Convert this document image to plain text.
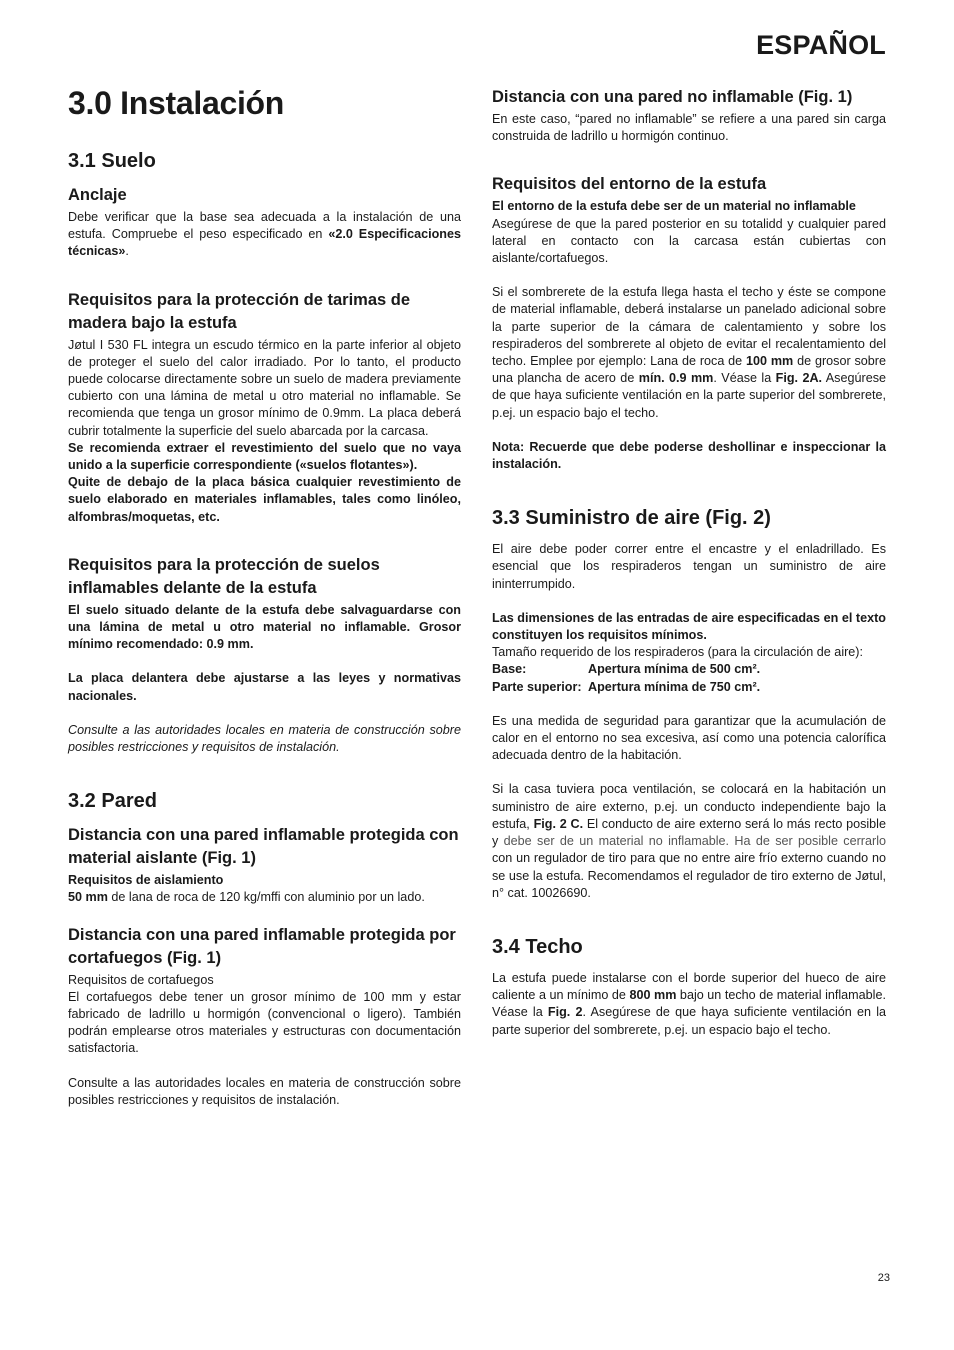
ESPAÑOL
3.0 Instalación
3.1 Suelo
Anclaje

Debe verificar que la base sea adecuada a la instalación de una estufa. Compruebe el peso especificado en «2.0 Especificaciones técnicas».

Requisitos para la protección de tarimas de madera bajo la estufa

Jøtul I 530 FL integra un escudo térmico en la parte inferior al objeto de proteger el suelo del calor irradiado. Por lo tanto, el producto puede colocarse directamente sobre un suelo de madera previamente cubierto con una lámina de metal u otro material no inflamable. Se recomienda que tenga un grosor mínimo de 0.9mm. La placa deberá cubrir totalmente la superficie del suelo abarcada por la carcasa.

Se recomienda extraer el revestimiento del suelo que no vaya unido a la superficie correspondiente («suelos flotantes»).

Quite de debajo de la placa básica cualquier revestimiento de suelo elaborado en materiales inflamables, tales como linóleo, alfombras/moquetas, etc.

Requisitos para la protección de suelos inflamables delante de la estufa

El suelo situado delante de la estufa debe salvaguardarse con una lámina de metal u otro material no inflamable. Grosor mínimo recomendado: 0.9 mm.

La placa delantera debe ajustarse a las leyes y normativas nacionales.

Consulte a las autoridades locales en materia de construcción sobre posibles restricciones y requisitos de instalación.

3.2 Pared
Distancia con una pared inflamable protegida con material aislante (Fig. 1)

Requisitos de aislamiento

50 mm de lana de roca de 120 kg/mffi con aluminio por un lado.

Distancia con una pared inflamable protegida por cortafuegos (Fig. 1)

Requisitos de cortafuegos

El cortafuegos debe tener un grosor mínimo de 100 mm y estar fabricado de ladrillo u hormigón (convencional o ligero). También podrán emplearse otros materiales y estructuras con documentación satisfactoria.

Consulte a las autoridades locales en materia de construcción sobre posibles restricciones y requisitos de instalación.

Distancia con una pared no inflamable (Fig. 1)

En este caso, “pared no inflamable” se refiere a una pared sin carga construida de ladrillo u hormigón continuo.

Requisitos del entorno de la estufa

El entorno de la estufa debe ser de un material no inflamable

Asegúrese de que la pared posterior en su totalidd y cualquier pared lateral en contacto con la carcasa están cubiertas con aislante/cortafuegos.

Si el sombrerete de la estufa llega hasta el techo y éste se compone de material inflamable, deberá instalarse un panelado adicional sobre la parte superior de la cámara de calentamiento y sobre los respiraderos del sombrerete al objeto de evitar el recalentamiento del techo. Emplee por ejemplo: Lana de roca de 100 mm de grosor sobre una plancha de acero de mín. 0.9 mm. Véase la Fig. 2A. Asegúrese de que haya suficiente ventilación en la parte superior del sombrerete, p.ej. un espacio bajo el techo.

Nota: Recuerde que debe poderse deshollinar e inspeccionar la instalación.

3.3 Suministro de aire (Fig. 2)

El aire debe poder correr entre el encastre y el enladrillado. Es esencial que los respiraderos tengan un suministro de aire ininterrumpido.

Las dimensiones de las entradas de aire especificadas en el texto constituyen los requisitos mínimos.

Tamaño requerido de los respiraderos (para la circulación de aire):

Base:	Apertura mínima de 500 cm².
Parte superior: Apertura mínima de 750 cm².

Es una medida de seguridad para garantizar que la acumulación de calor en el entorno no sea excesiva, así como una potencia calorífica adecuada dentro de la habitación.

Si la casa tuviera poca ventilación, se colocará en la habitación un suministro de aire externo, p.ej. un conducto independiente bajo la estufa, Fig. 2 C. El conducto de aire externo será lo más recto posible y debe ser de un material no inflamable. Ha de ser posible cerrarlo con un regulador de tiro para que no entre aire frío externo cuando no se use la estufa. Recomendamos el regulador de tiro externo de Jøtul, n° cat. 10026690.

3.4 Techo

La estufa puede instalarse con el borde superior del hueco de aire caliente a un mínimo de 800 mm bajo un techo de material inflamable. Véase la Fig. 2. Asegúrese de que haya suficiente ventilación en la parte superior del sombrerete, p.ej. un espacio bajo el techo.

23
